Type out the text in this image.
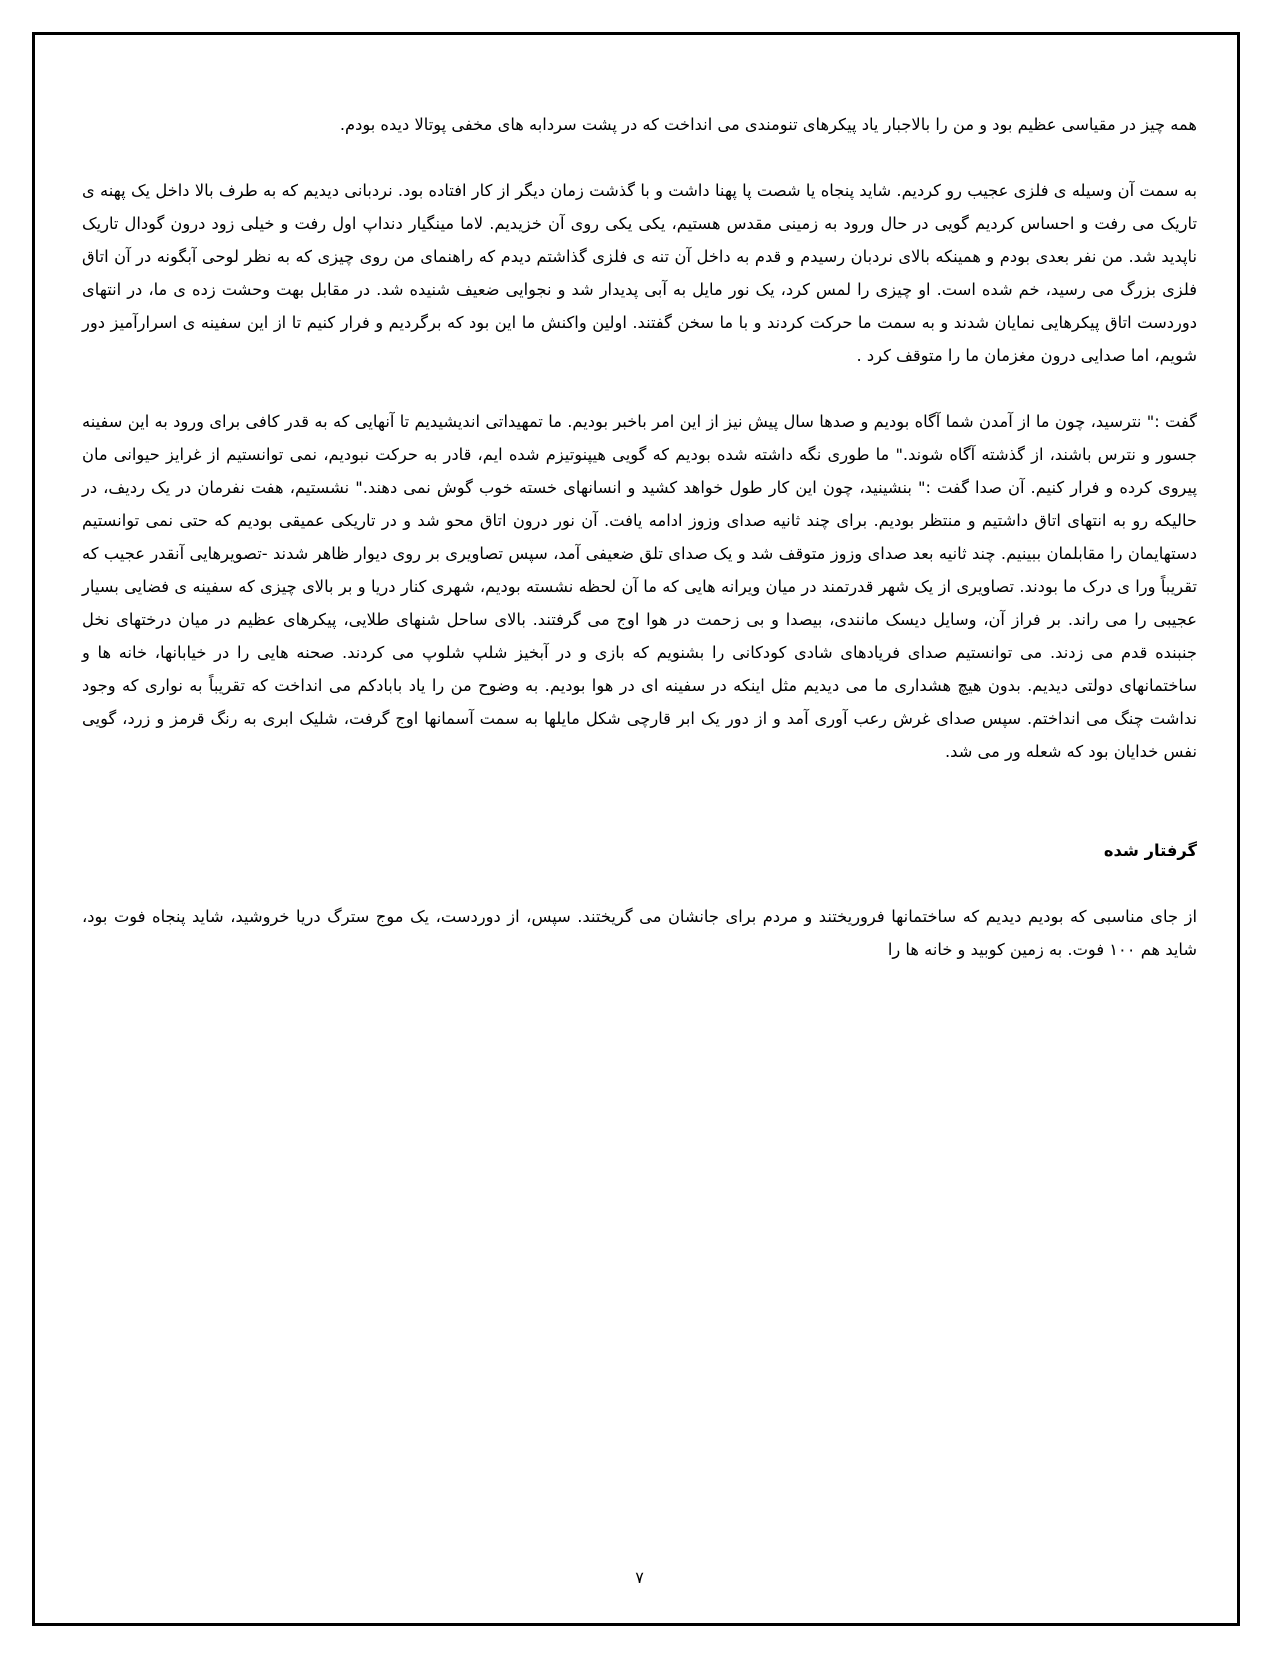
همه چیز در مقیاسی عظیم بود و من را بالاجبار یاد پیکرهای تنومندی می انداخت که در پشت سردابه های مخفی پوتالا دیده بودم.

به سمت آن وسیله ی فلزی عجیب رو کردیم. شاید پنجاه یا شصت پا پهنا داشت و با گذشت زمان دیگر از کار افتاده بود. نردبانی دیدیم که به طرف بالا داخل یک پهنه ی تاریک می رفت و احساس کردیم گویی در حال ورود به زمینی مقدس هستیم، یکی یکی روی آن خزیدیم. لاما مینگیار دنداپ اول رفت و خیلی زود درون گودال تاریک ناپدید شد. من نفر بعدی بودم و همینکه بالای نردبان رسیدم و قدم به داخل آن تنه ی فلزی گذاشتم دیدم که راهنمای من روی چیزی که به نظر لوحی آبگونه در آن اتاق فلزی بزرگ می رسید، خم شده است. او چیزی را لمس کرد، یک نور مایل به آبی پدیدار شد و نجوایی ضعیف شنیده شد. در مقابل بهت وحشت زده ی ما، در انتهای دوردست اتاق پیکرهایی نمایان شدند و به سمت ما حرکت کردند و با ما سخن گفتند. اولین واکنش ما این بود که برگردیم و فرار کنیم تا از این سفینه ی اسرارآمیز دور شویم، اما صدایی درون مغزمان ما را متوقف کرد .

گفت :" نترسید، چون ما از آمدن شما آگاه بودیم و صدها سال پیش نیز از این امر باخبر بودیم. ما تمهیداتی اندیشیدیم تا آنهایی که به قدر کافی برای ورود به این سفینه جسور و نترس باشند، از گذشته آگاه شوند." ما طوری نگه داشته شده بودیم که گویی هیپنوتیزم شده ایم، قادر به حرکت نبودیم، نمی توانستیم از غرایز حیوانی مان پیروی کرده و فرار کنیم. آن صدا گفت :" بنشینید، چون این کار طول خواهد کشید و انسانهای خسته خوب گوش نمی دهند." نشستیم، هفت نفرمان در یک ردیف، در حالیکه رو به انتهای اتاق داشتیم و منتظر بودیم. برای چند ثانیه صدای وزوز ادامه یافت. آن نور درون اتاق محو شد و در تاریکی عمیقی بودیم که حتی نمی توانستیم دستهایمان را مقابلمان ببینیم. چند ثانیه بعد صدای وزوز متوقف شد و یک صدای تلق ضعیفی آمد، سپس تصاویری بر روی دیوار ظاهر شدند -تصویرهایی آنقدر عجیب که تقریباً ورا ی درک ما بودند. تصاویری از یک شهر قدرتمند در میان ویرانه هایی که ما آن لحظه نشسته بودیم، شهری کنار دریا و بر بالای چیزی که سفینه ی فضایی بسیار عجیبی را می راند. بر فراز آن، وسایل دیسک مانندی، بیصدا و بی زحمت در هوا اوج می گرفتند. بالای ساحل شنهای طلایی، پیکرهای عظیم در میان درختهای نخل جنبنده قدم می زدند. می توانستیم صدای فریادهای شادی کودکانی را بشنویم که بازی و در آبخیز شلپ شلوپ می کردند. صحنه هایی را در خیابانها، خانه ها و ساختمانهای دولتی دیدیم. بدون هیچ هشداری ما می دیدیم مثل اینکه در سفینه ای در هوا بودیم. به وضوح من را یاد بابادکم می انداخت که تقریباً به نواری که وجود نداشت چنگ می انداختم. سپس صدای غرش رعب آوری آمد و از دور یک ابر قارچی شکل مایلها به سمت آسمانها اوج گرفت، شلیک ابری به رنگ قرمز و زرد، گویی نفس خدایان بود که شعله ور می شد.

گرفتار شده

از جای مناسبی که بودیم دیدیم که ساختمانها فروریختند و مردم برای جانشان می گریختند. سپس، از دوردست، یک موج سترگ دریا خروشید، شاید پنجاه فوت بود، شاید هم ۱۰۰ فوت. به زمین کوبید و خانه ها را

۷
